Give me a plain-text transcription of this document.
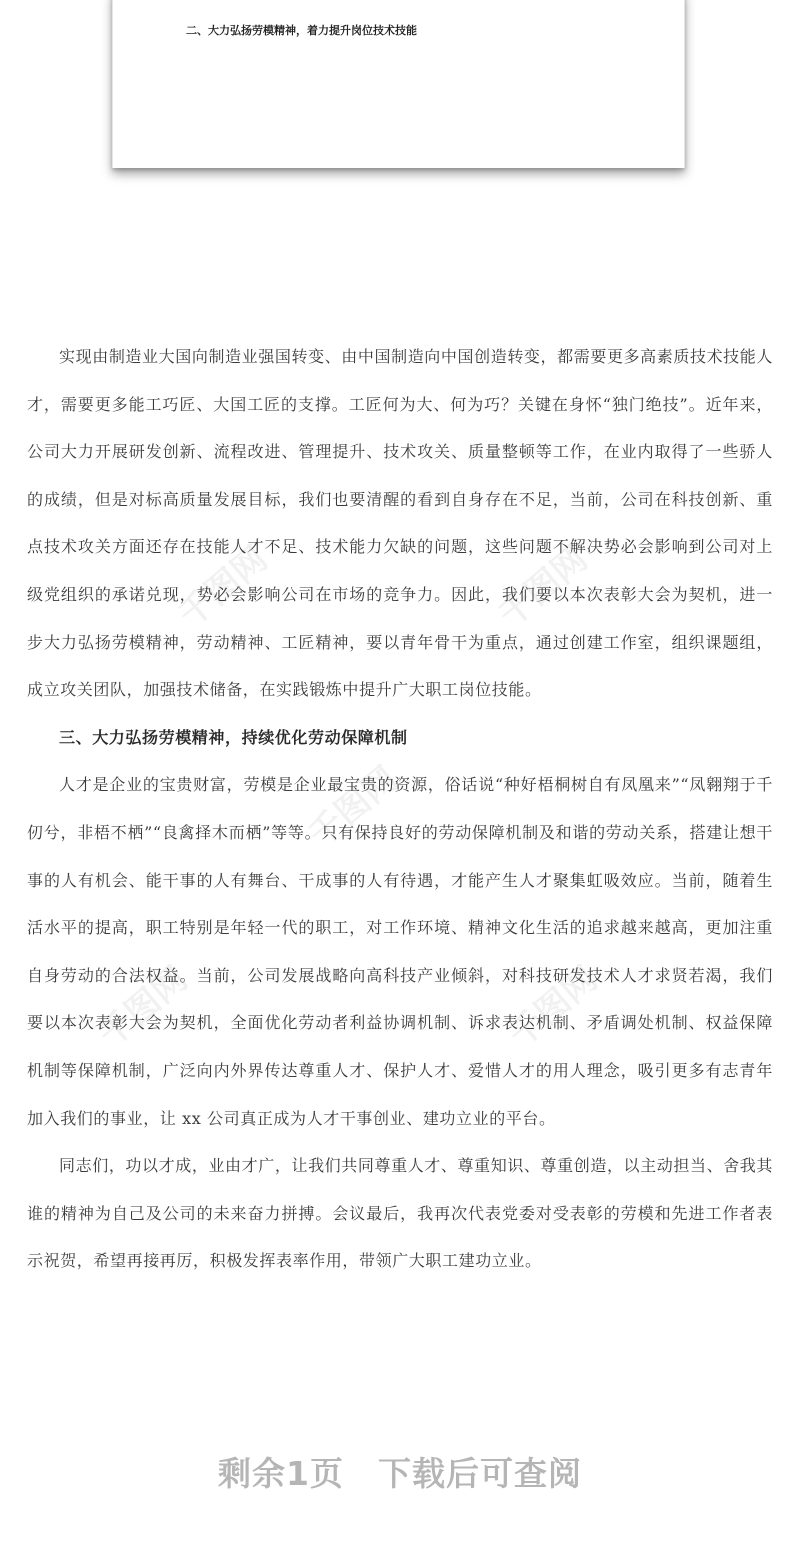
二、大力弘扬劳模精神，着力提升岗位技术技能
千图网	千图网
千图网
千图网	千图网

实现由制造业大国向制造业强国转变、由中国制造向中国创造转变，都需要更多高素质技术技能人才，需要更多能工巧匠、大国工匠的支撑。工匠何为大、何为巧？关键在身怀“独门绝技”。近年来，公司大力开展研发创新、流程改进、管理提升、技术攻关、质量整顿等工作，在业内取得了一些骄人的成绩，但是对标高质量发展目标，我们也要清醒的看到自身存在不足，当前，公司在科技创新、重点技术攻关方面还存在技能人才不足、技术能力欠缺的问题，这些问题不解决势必会影响到公司对上级党组织的承诺兑现，势必会影响公司在市场的竞争力。因此，我们要以本次表彰大会为契机，进一步大力弘扬劳模精神，劳动精神、工匠精神，要以青年骨干为重点，通过创建工作室，组织课题组，成立攻关团队，加强技术储备，在实践锻炼中提升广大职工岗位技能。

三、大力弘扬劳模精神，持续优化劳动保障机制

人才是企业的宝贵财富，劳模是企业最宝贵的资源，俗话说“种好梧桐树自有凤凰来”“凤翱翔于千仞兮，非梧不栖”“良禽择木而栖”等等。只有保持良好的劳动保障机制及和谐的劳动关系，搭建让想干事的人有机会、能干事的人有舞台、干成事的人有待遇，才能产生人才聚集虹吸效应。当前，随着生活水平的提高，职工特别是年轻一代的职工，对工作环境、精神文化生活的追求越来越高，更加注重自身劳动的合法权益。当前，公司发展战略向高科技产业倾斜，对科技研发技术人才求贤若渴，我们要以本次表彰大会为契机，全面优化劳动者利益协调机制、诉求表达机制、矛盾调处机制、权益保障机制等保障机制，广泛向内外界传达尊重人才、保护人才、爱惜人才的用人理念，吸引更多有志青年加入我们的事业，让 xx 公司真正成为人才干事创业、建功立业的平台。

同志们，功以才成，业由才广，让我们共同尊重人才、尊重知识、尊重创造，以主动担当、舍我其谁的精神为自己及公司的未来奋力拼搏。会议最后，我再次代表党委对受表彰的劳模和先进工作者表示祝贺，希望再接再厉，积极发挥表率作用，带领广大职工建功立业。

剩余1页 下载后可查阅
